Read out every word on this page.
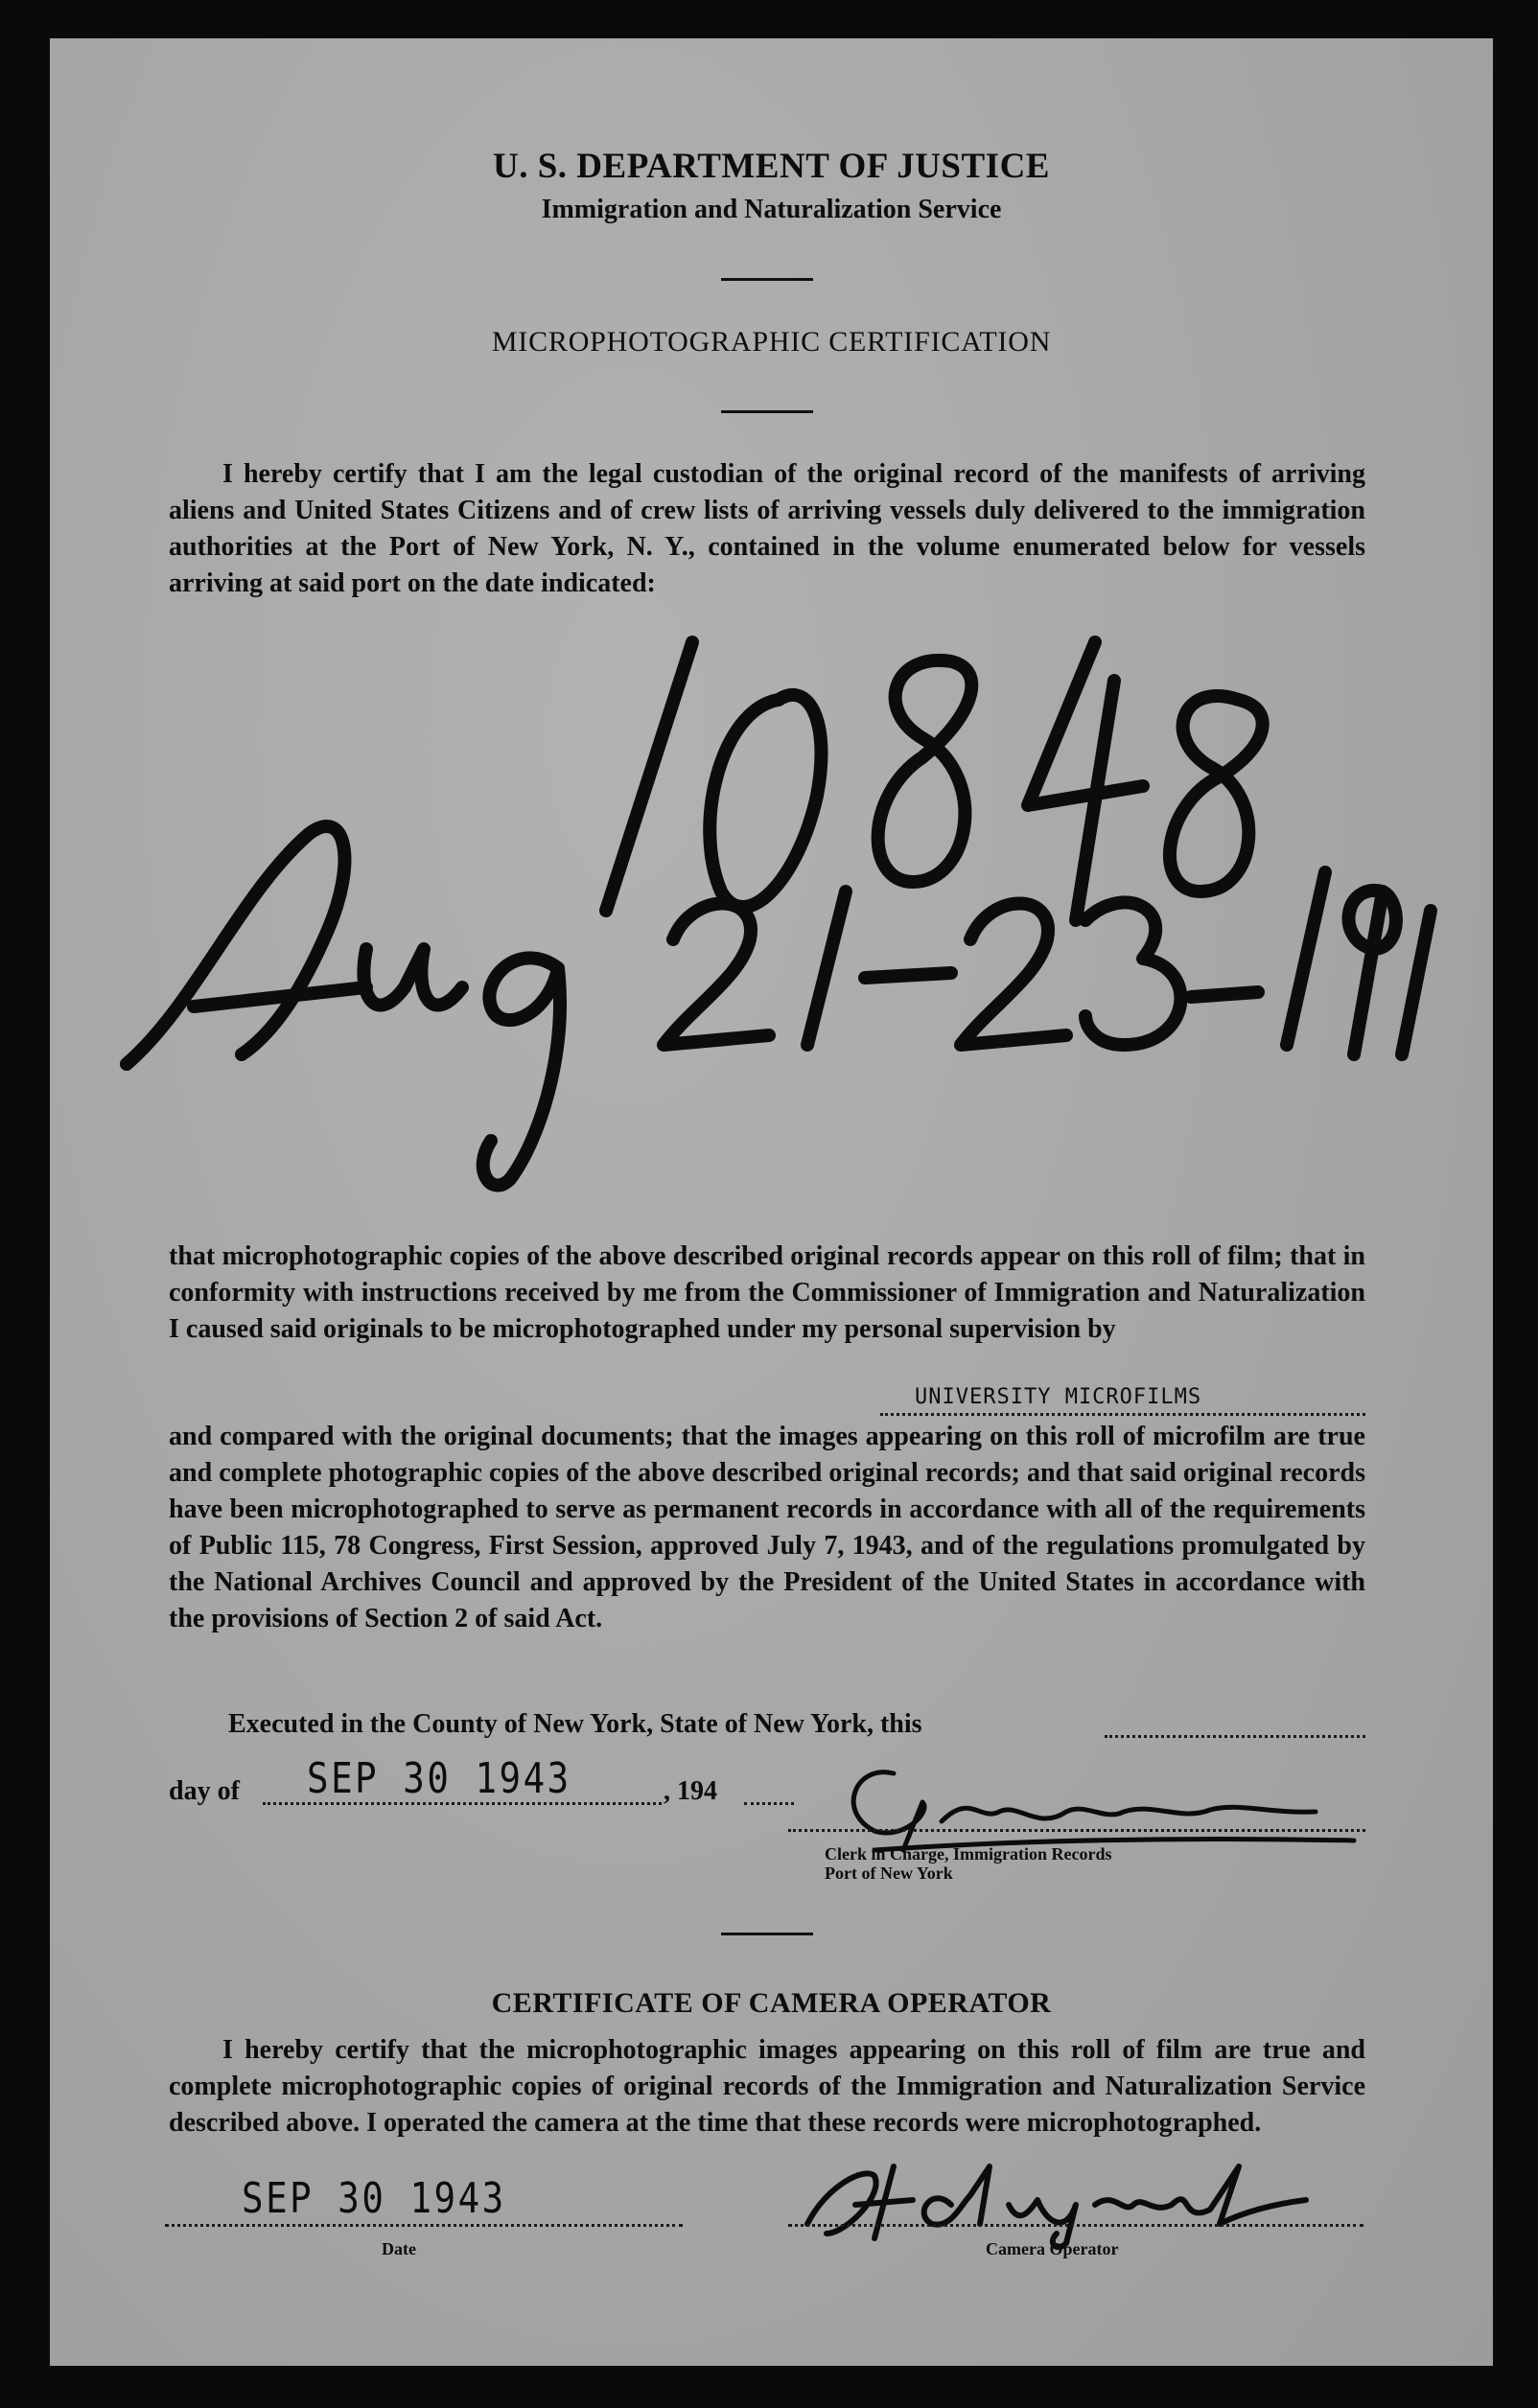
U. S. DEPARTMENT OF JUSTICE
Immigration and Naturalization Service
MICROPHOTOGRAPHIC CERTIFICATION
I hereby certify that I am the legal custodian of the original record of the manifests of arriving aliens and United States Citizens and of crew lists of arriving vessels duly delivered to the immigration authorities at the Port of New York, N. Y., contained in the volume enumerated below for vessels arriving at said port on the date indicated:
that microphotographic copies of the above described original records appear on this roll of film; that in conformity with instructions received by me from the Commissioner of Immigration and Naturalization I caused said originals to be microphotographed under my personal supervision by
UNIVERSITY MICROFILMS
and compared with the original documents; that the images appearing on this roll of microfilm are true and complete photographic copies of the above described original records; and that said original records have been microphotographed to serve as permanent records in accordance with all of the requirements of Public 115, 78 Congress, First Session, approved July 7, 1943, and of the regulations promulgated by the National Archives Council and approved by the President of the United States in accordance with the provisions of Section 2 of said Act.
Executed in the County of New York, State of New York, this
day of SEP 30 1943	, 194
Clerk in Charge, Immigration Records
Port of New York
CERTIFICATE OF CAMERA OPERATOR
I hereby certify that the microphotographic images appearing on this roll of film are true and complete microphotographic copies of original records of the Immigration and Naturalization Service described above. I operated the camera at the time that these records were microphotographed.
SEP 30 1943
Date	Camera Operator
